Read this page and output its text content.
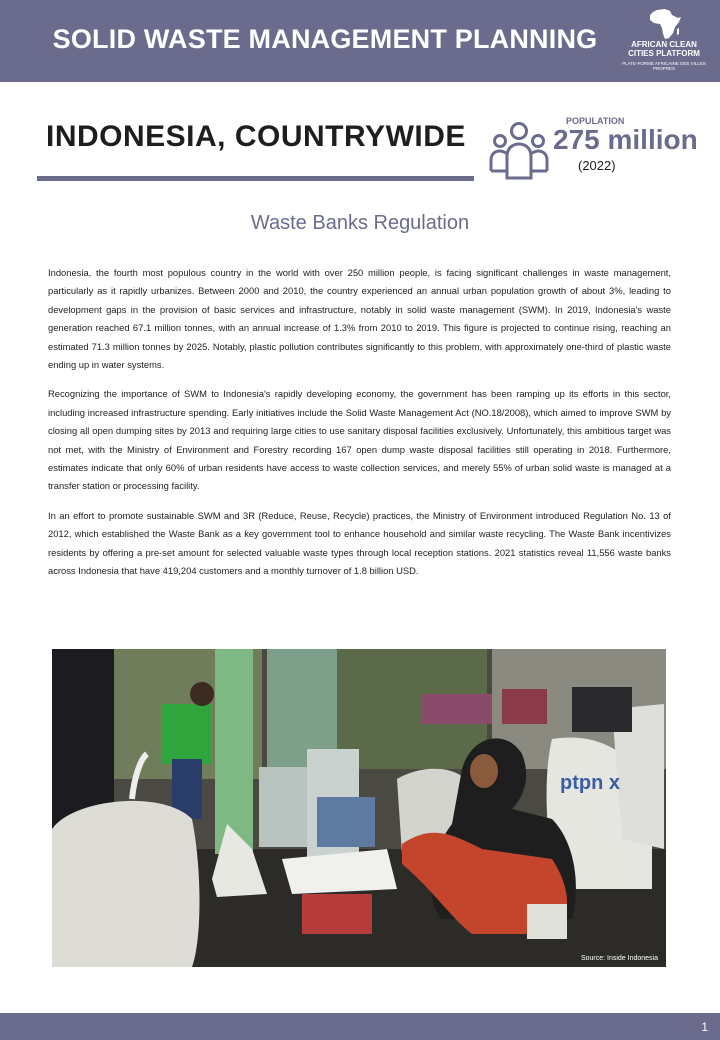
SOLID WASTE MANAGEMENT PLANNING	AFRICAN CLEAN
CITIES PLATFORM
PLATE-FORME AFRICAINE DES VILLES PROPRES
INDONESIA, COUNTRYWIDE	POPULATION
275 million
(2022)
Waste Banks Regulation

Indonesia, the fourth most populous country in the world with over 250 million people, is facing significant challenges in waste management, particularly as it rapidly urbanizes. Between 2000 and 2010, the country experienced an annual urban population growth of about 3%, leading to development gaps in the provision of basic services and infrastructure, notably in solid waste management (SWM). In 2019, Indonesia's waste generation reached 67.1 million tonnes, with an annual increase of 1.3% from 2010 to 2019. This figure is projected to continue rising, reaching an estimated 71.3 million tonnes by 2025. Notably, plastic pollution contributes significantly to this problem, with approximately one-third of plastic waste ending up in water systems.

Recognizing the importance of SWM to Indonesia's rapidly developing economy, the government has been ramping up its efforts in this sector, including increased infrastructure spending. Early initiatives include the Solid Waste Management Act (NO.18/2008), which aimed to improve SWM by closing all open dumping sites by 2013 and requiring large cities to use sanitary disposal facilities exclusively. Unfortunately, this ambitious target was not met, with the Ministry of Environment and Forestry recording 167 open dump waste disposal facilities still operating in 2018. Furthermore, estimates indicate that only 60% of urban residents have access to waste collection services, and merely 55% of urban solid waste is managed at a transfer station or processing facility.

In an effort to promote sustainable SWM and 3R (Reduce, Reuse, Recycle) practices, the Ministry of Environment introduced Regulation No. 13 of 2012, which established the Waste Bank as a key government tool to enhance household and similar waste recycling. The Waste Bank incentivizes residents by offering a pre-set amount for selected valuable waste types through local reception stations. 2021 statistics reveal 11,556 waste banks across Indonesia that have 419,204 customers and a monthly turnover of 1.8 billion USD.

ptpn x
Source: Inside Indonesia
1
